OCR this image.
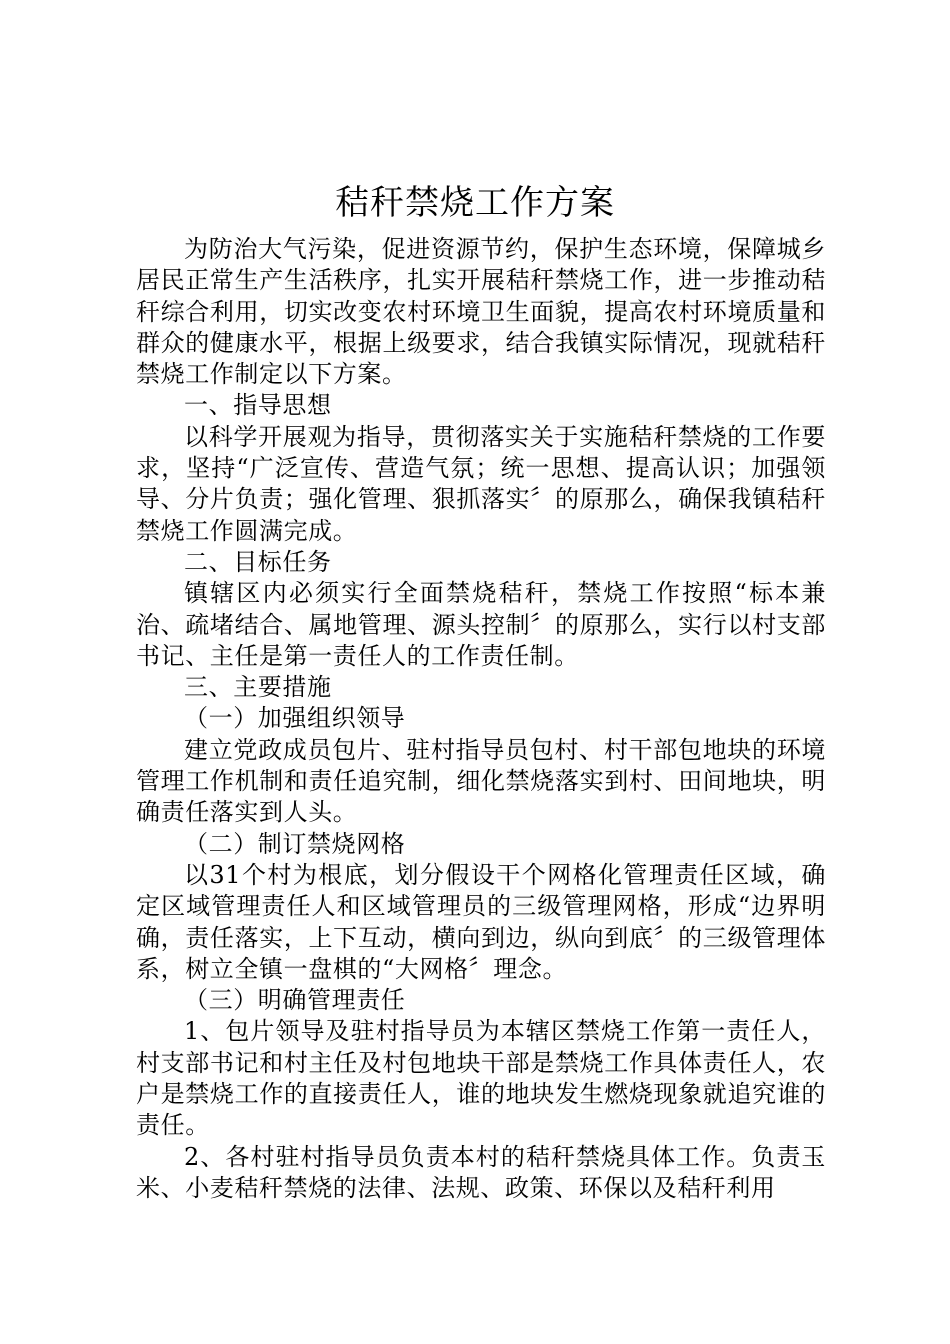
秸秆禁烧工作方案

为防治大气污染，促进资源节约，保护生态环境，保障城乡居民正常生产生活秩序，扎实开展秸秆禁烧工作，进一步推动秸秆综合利用，切实改变农村环境卫生面貌，提高农村环境质量和群众的健康水平，根据上级要求，结合我镇实际情况，现就秸秆禁烧工作制定以下方案。

一、指导思想

以科学开展观为指导，贯彻落实关于实施秸秆禁烧的工作要求，坚持“广泛宣传、营造气氛；统一思想、提高认识；加强领导、分片负责；强化管理、狠抓落实〞的原那么，确保我镇秸秆禁烧工作圆满完成。

二、目标任务

镇辖区内必须实行全面禁烧秸秆，禁烧工作按照“标本兼治、疏堵结合、属地管理、源头控制〞的原那么，实行以村支部书记、主任是第一责任人的工作责任制。

三、主要措施

（一）加强组织领导

建立党政成员包片、驻村指导员包村、村干部包地块的环境管理工作机制和责任追究制，细化禁烧落实到村、田间地块，明确责任落实到人头。

（二）制订禁烧网格

以31个村为根底，划分假设干个网格化管理责任区域，确定区域管理责任人和区域管理员的三级管理网格，形成“边界明确，责任落实，上下互动，横向到边，纵向到底〞的三级管理体系，树立全镇一盘棋的“大网格〞理念。

（三）明确管理责任

1、包片领导及驻村指导员为本辖区禁烧工作第一责任人，村支部书记和村主任及村包地块干部是禁烧工作具体责任人，农户是禁烧工作的直接责任人，谁的地块发生燃烧现象就追究谁的责任。

2、各村驻村指导员负责本村的秸秆禁烧具体工作。负责玉米、小麦秸秆禁烧的法律、法规、政策、环保以及秸秆利用
